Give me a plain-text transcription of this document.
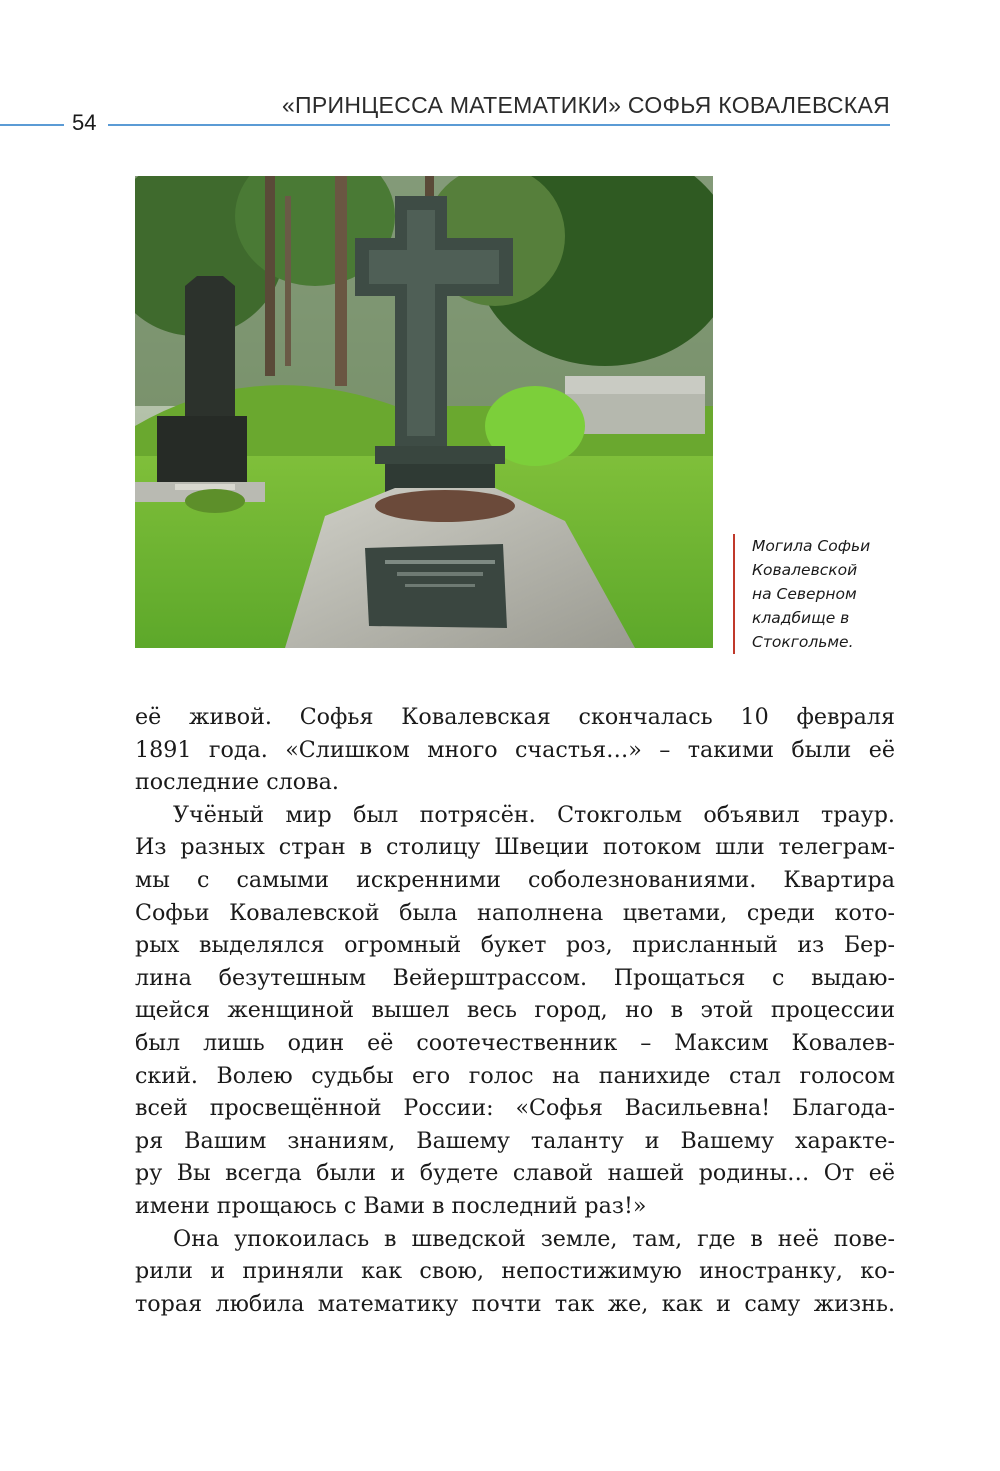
54
«ПРИНЦЕССА МАТЕМАТИКИ» СОФЬЯ КОВАЛЕВСКАЯ
Могила Софьи
Ковалевской
на Северном
кладбище в
Стокгольме.
её живой. Софья Ковалевская скончалась 10 февраля
1891 года. «Слишком много счастья…» – такими были её
последние слова.
Учёный мир был потрясён. Стокгольм объявил траур.
Из разных стран в столицу Швеции потоком шли телеграм-
мы с самыми искренними соболезнованиями. Квартира
Софьи Ковалевской была наполнена цветами, среди кото-
рых выделялся огромный букет роз, присланный из Бер-
лина безутешным Вейерштрассом. Прощаться с выдаю-
щейся женщиной вышел весь город, но в этой процессии
был лишь один её соотечественник – Максим Ковалев-
ский. Волею судьбы его голос на панихиде стал голосом
всей просвещённой России: «Софья Васильевна! Благода-
ря Вашим знаниям, Вашему таланту и Вашему характе-
ру Вы всегда были и будете славой нашей родины… От её
имени прощаюсь с Вами в последний раз!»
Она упокоилась в шведской земле, там, где в неё пове-
рили и приняли как свою, непостижимую иностранку, ко-
торая любила математику почти так же, как и саму жизнь.
